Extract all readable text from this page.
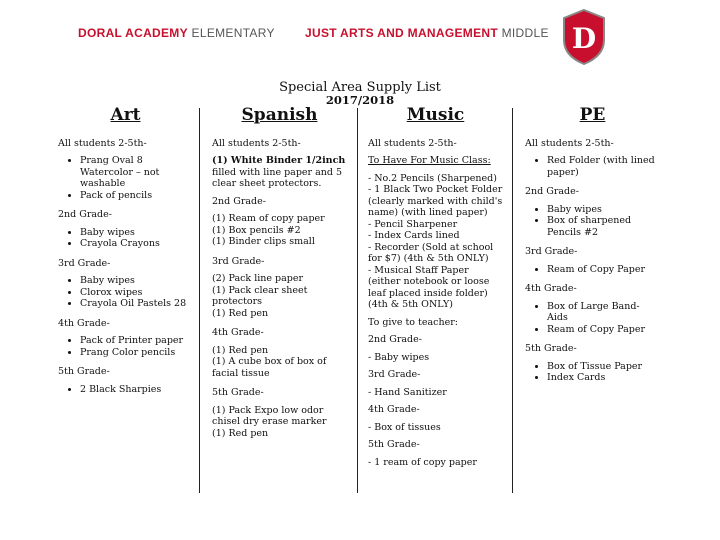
DORAL ACADEMY ELEMENTARY	JUST ARTS AND MANAGEMENT MIDDLE D
Special Area Supply List
2017/2018
Art

All students 2-5th-

• Prang Oval 8 Watercolor – not washable
• Pack of pencils

2nd Grade-

• Baby wipes
• Crayola Crayons

3rd Grade-

• Baby wipes
• Clorox wipes
• Crayola Oil Pastels 28

4th Grade-

• Pack of Printer paper
• Prang Color pencils

5th Grade-

• 2 Black Sharpies
Spanish

All students 2-5th-

(1) White Binder 1/2inch filled with line paper and 5 clear sheet protectors.

2nd Grade-

(1) Ream of copy paper
(1) Box pencils #2
(1) Binder clips small

3rd Grade-

(2) Pack line paper
(1) Pack clear sheet protectors
(1) Red pen

4th Grade-

(1) Red pen
(1) A cube box of box of facial tissue

5th Grade-

(1) Pack Expo low odor chisel dry erase marker
(1) Red pen
Music

All students 2-5th-

To Have For Music Class:

- No.2 Pencils (Sharpened)
- 1 Black Two Pocket Folder (clearly marked with child's name) (with lined paper)
- Pencil Sharpener
- Index Cards lined
- Recorder (Sold at school for $7) (4th & 5th ONLY)
- Musical Staff Paper (either notebook or loose leaf placed inside folder) (4th & 5th ONLY)

To give to teacher:

2nd Grade-

- Baby wipes

3rd Grade-

- Hand Sanitizer

4th Grade-

- Box of tissues

5th Grade-

- 1 ream of copy paper

PE

All students 2-5th-

• Red Folder (with lined paper)

2nd Grade-

• Baby wipes
• Box of sharpened Pencils #2

3rd Grade-

• Ream of Copy Paper

4th Grade-

• Box of Large Band-Aids
• Ream of Copy Paper

5th Grade-

• Box of Tissue Paper
• Index Cards
